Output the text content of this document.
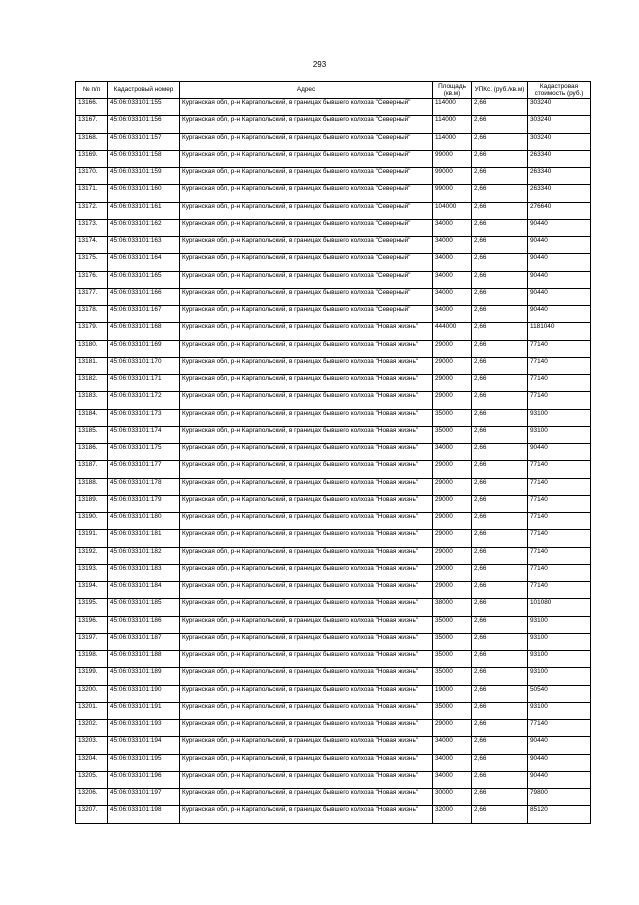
293
№ п/п	Кадастровый номер	Адрес	Площадь (кв.м)	УПКс. (руб./кв.м)	Кадастровая стоимость (руб.)
13166.	45:06:033101:155	Курганская обл, р-н Каргапольский, в границах бывшего колхоза "Северный"	114000	2,66	303240
13167.	45:06:033101:156	Курганская обл, р-н Каргапольский, в границах бывшего колхоза "Северный"	114000	2,66	303240
13168.	45:06:033101:157	Курганская обл, р-н Каргапольский, в границах бывшего колхоза "Северный"	114000	2,66	303240
13169.	45:06:033101:158	Курганская обл, р-н Каргапольский, в границах бывшего колхоза "Северный"	99000	2,66	263340
13170.	45:06:033101:159	Курганская обл, р-н Каргапольский, в границах бывшего колхоза "Северный"	99000	2,66	263340
13171.	45:06:033101:160	Курганская обл, р-н Каргапольский, в границах бывшего колхоза "Северный"	99000	2,66	263340
13172.	45:06:033101:161	Курганская обл, р-н Каргапольский, в границах бывшего колхоза "Северный"	104000	2,66	276640
13173.	45:06:033101:162	Курганская обл, р-н Каргапольский, в границах бывшего колхоза "Северный"	34000	2,66	90440
13174.	45:06:033101:163	Курганская обл, р-н Каргапольский, в границах бывшего колхоза "Северный"	34000	2,66	90440
13175.	45:06:033101:164	Курганская обл, р-н Каргапольский, в границах бывшего колхоза "Северный"	34000	2,66	90440
13176.	45:06:033101:165	Курганская обл, р-н Каргапольский, в границах бывшего колхоза "Северный"	34000	2,66	90440
13177.	45:06:033101:166	Курганская обл, р-н Каргапольский, в границах бывшего колхоза "Северный"	34000	2,66	90440
13178.	45:06:033101:167	Курганская обл, р-н Каргапольский, в границах бывшего колхоза "Северный"	34000	2,66	90440
13179.	45:06:033101:168	Курганская обл, р-н Каргапольский, в границах бывшего колхоза "Новая жизнь"	444000	2,66	1181040
13180.	45:06:033101:169	Курганская обл, р-н Каргапольский, в границах бывшего колхоза "Новая жизнь"	29000	2,66	77140
13181.	45:06:033101:170	Курганская обл, р-н Каргапольский, в границах бывшего колхоза "Новая жизнь"	29000	2,66	77140
13182.	45:06:033101:171	Курганская обл, р-н Каргапольский, в границах бывшего колхоза "Новая жизнь"	29000	2,66	77140
13183.	45:06:033101:172	Курганская обл, р-н Каргапольский, в границах бывшего колхоза "Новая жизнь"	29000	2,66	77140
13184.	45:06:033101:173	Курганская обл, р-н Каргапольский, в границах бывшего колхоза "Новая жизнь"	35000	2,66	93100
13185.	45:06:033101:174	Курганская обл, р-н Каргапольский, в границах бывшего колхоза "Новая жизнь"	35000	2,66	93100
13186.	45:06:033101:175	Курганская обл, р-н Каргапольский, в границах бывшего колхоза "Новая жизнь"	34000	2,66	90440
13187.	45:06:033101:177	Курганская обл, р-н Каргапольский, в границах бывшего колхоза "Новая жизнь"	29000	2,66	77140
13188.	45:06:033101:178	Курганская обл, р-н Каргапольский, в границах бывшего колхоза "Новая жизнь"	29000	2,66	77140
13189.	45:06:033101:179	Курганская обл, р-н Каргапольский, в границах бывшего колхоза "Новая жизнь"	29000	2,66	77140
13190.	45:06:033101:180	Курганская обл, р-н Каргапольский, в границах бывшего колхоза "Новая жизнь"	29000	2,66	77140
13191.	45:06:033101:181	Курганская обл, р-н Каргапольский, в границах бывшего колхоза "Новая жизнь"	29000	2,66	77140
13192.	45:06:033101:182	Курганская обл, р-н Каргапольский, в границах бывшего колхоза "Новая жизнь"	29000	2,66	77140
13193.	45:06:033101:183	Курганская обл, р-н Каргапольский, в границах бывшего колхоза "Новая жизнь"	29000	2,66	77140
13194.	45:06:033101:184	Курганская обл, р-н Каргапольский, в границах бывшего колхоза "Новая жизнь"	29000	2,66	77140
13195.	45:06:033101:185	Курганская обл, р-н Каргапольский, в границах бывшего колхоза "Новая жизнь"	38000	2,66	101080
13196.	45:06:033101:186	Курганская обл, р-н Каргапольский, в границах бывшего колхоза "Новая жизнь"	35000	2,66	93100
13197.	45:06:033101:187	Курганская обл, р-н Каргапольский, в границах бывшего колхоза "Новая жизнь"	35000	2,66	93100
13198.	45:06:033101:188	Курганская обл, р-н Каргапольский, в границах бывшего колхоза "Новая жизнь"	35000	2,66	93100
13199.	45:06:033101:189	Курганская обл, р-н Каргапольский, в границах бывшего колхоза "Новая жизнь"	35000	2,66	93100
13200.	45:06:033101:190	Курганская обл, р-н Каргапольский, в границах бывшего колхоза "Новая жизнь"	19000	2,66	50540
13201.	45:06:033101:191	Курганская обл, р-н Каргапольский, в границах бывшего колхоза "Новая жизнь"	35000	2,66	93100
13202.	45:06:033101:193	Курганская обл, р-н Каргапольский, в границах бывшего колхоза "Новая жизнь"	29000	2,66	77140
13203.	45:06:033101:194	Курганская обл, р-н Каргапольский, в границах бывшего колхоза "Новая жизнь"	34000	2,66	90440
13204.	45:06:033101:195	Курганская обл, р-н Каргапольский, в границах бывшего колхоза "Новая жизнь"	34000	2,66	90440
13205.	45:06:033101:196	Курганская обл, р-н Каргапольский, в границах бывшего колхоза "Новая жизнь"	34000	2,66	90440
13206.	45:06:033101:197	Курганская обл, р-н Каргапольский, в границах бывшего колхоза "Новая жизнь"	30000	2,66	79800
13207.	45:06:033101:198	Курганская обл, р-н Каргапольский, в границах бывшего колхоза "Новая жизнь"	32000	2,66	85120
